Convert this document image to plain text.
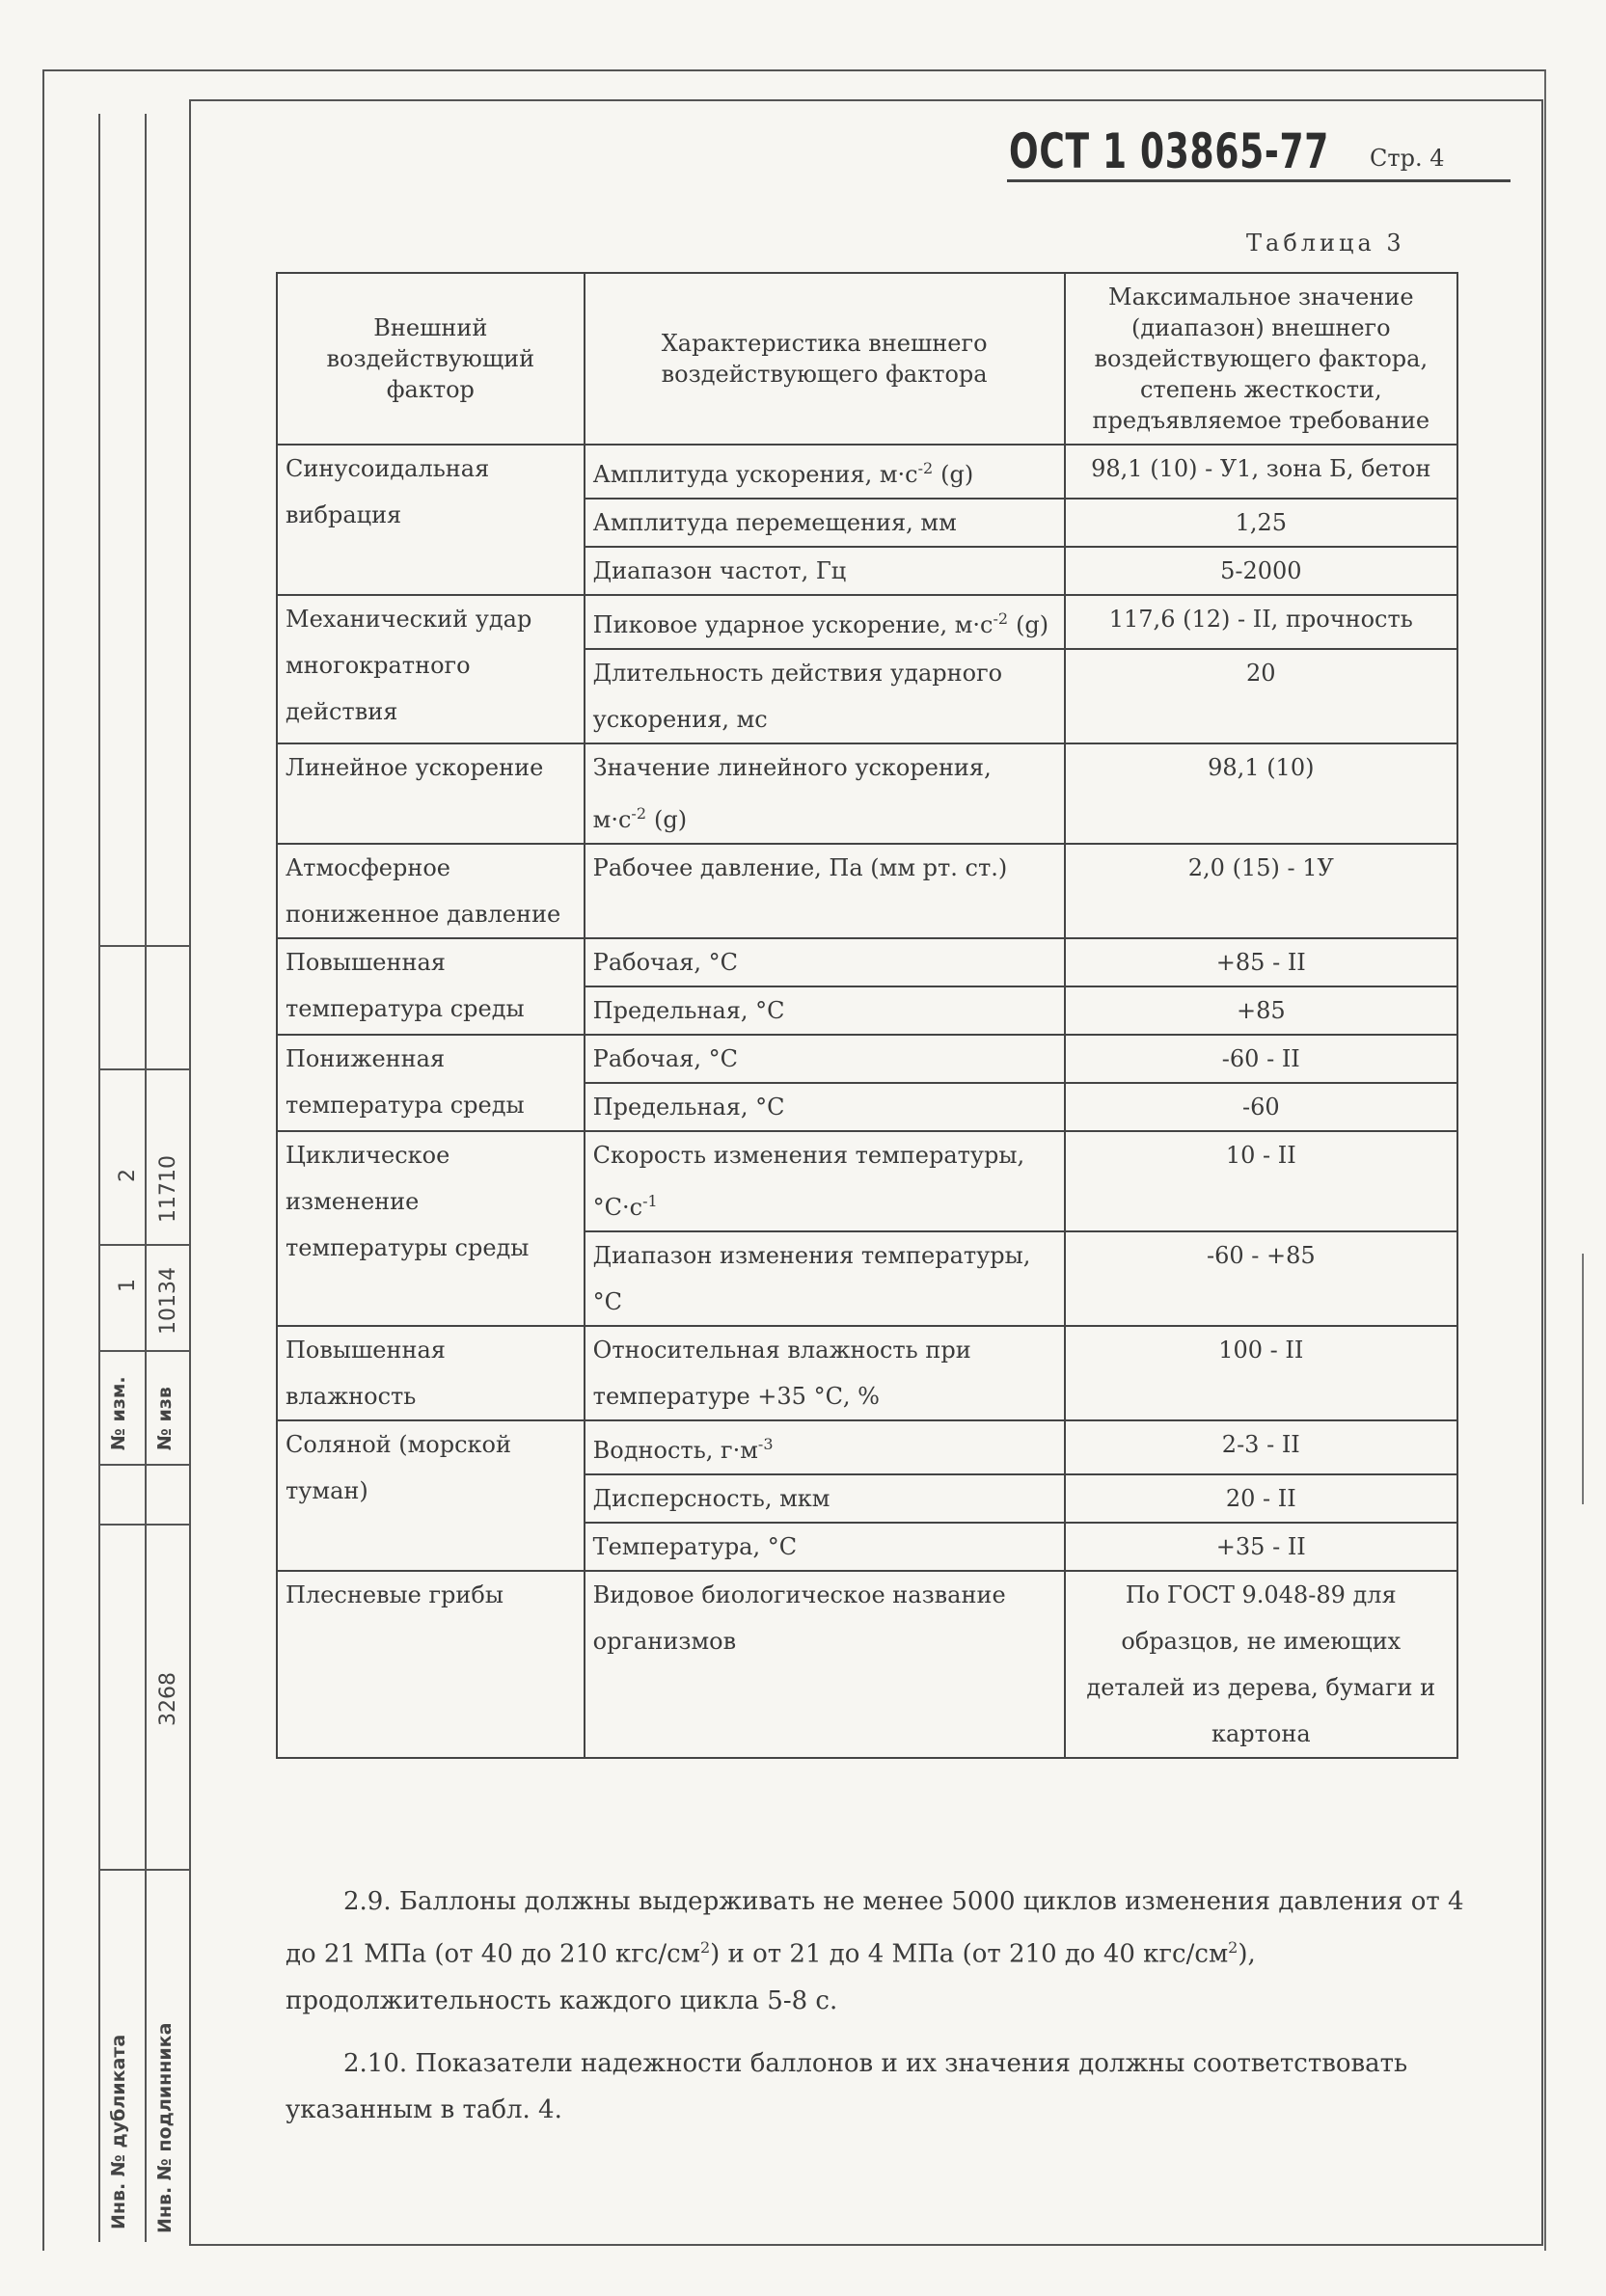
№ изм. № изв
1 10134
2 11710
3268
Инв. № дубликата Инв. № подлинника
ОСТ 1 03865-77 Стр. 4
Таблица 3
Внешний воздействующий фактор	Характеристика внешнего воздействующего фактора	Максимальное значение (диапазон) внешнего воздействующего фактора, степень жесткости, предъявляемое требование
Синусоидальная вибрация	Амплитуда ускорения, $м\cdot с^{-2}$ (g)	98,1 (10) - У1, зона Б, бетон
	Амплитуда перемещения, мм	1,25
	Диапазон частот, Гц	5-2000
Механический удар многократного действия	Пиковое ударное ускорение, $м\cdot с^{-2}$ (g)	117,6 (12) - II, прочность
	Длительность действия ударного ускорения, мс	20
Линейное ускорение	Значение линейного ускорения, $м\cdot с^{-2}$ (g)	98,1 (10)
Атмосферное пониженное давление	Рабочее давление, Па (мм рт. ст.)	2,0 (15) - 1У
Повышенная температура среды	Рабочая, °С	+85 - II
	Предельная, °С	+85
Пониженная температура среды	Рабочая, °С	-60 - II
	Предельная, °С	-60
Циклическое изменение температуры среды	Скорость изменения температуры, $^\circ С\cdot с^{-1}$	10 - II
	Диапазон изменения температуры, °С	-60 - +85
Повышенная влажность	Относительная влажность при температуре +35 °С, %	100 - II
Соляной (морской туман)	Водность, $г\cdot м^{-3}$	2-3 - II
	Дисперсность, мкм	20 - II
	Температура, °С	+35 - II
Плесневые грибы	Видовое биологическое название организмов	По ГОСТ 9.048-89 для образцов, не имеющих деталей из дерева, бумаги и картона
2.9. Баллоны должны выдерживать не менее 5000 циклов изменения давления от 4 до 21 МПа (от 40 до 210 кгс/$см^2$) и от 21 до 4 МПа (от 210 до 40 кгс/$см^2$), продолжительность каждого цикла 5-8 с.
2.10. Показатели надежности баллонов и их значения должны соответствовать указанным в табл. 4.
